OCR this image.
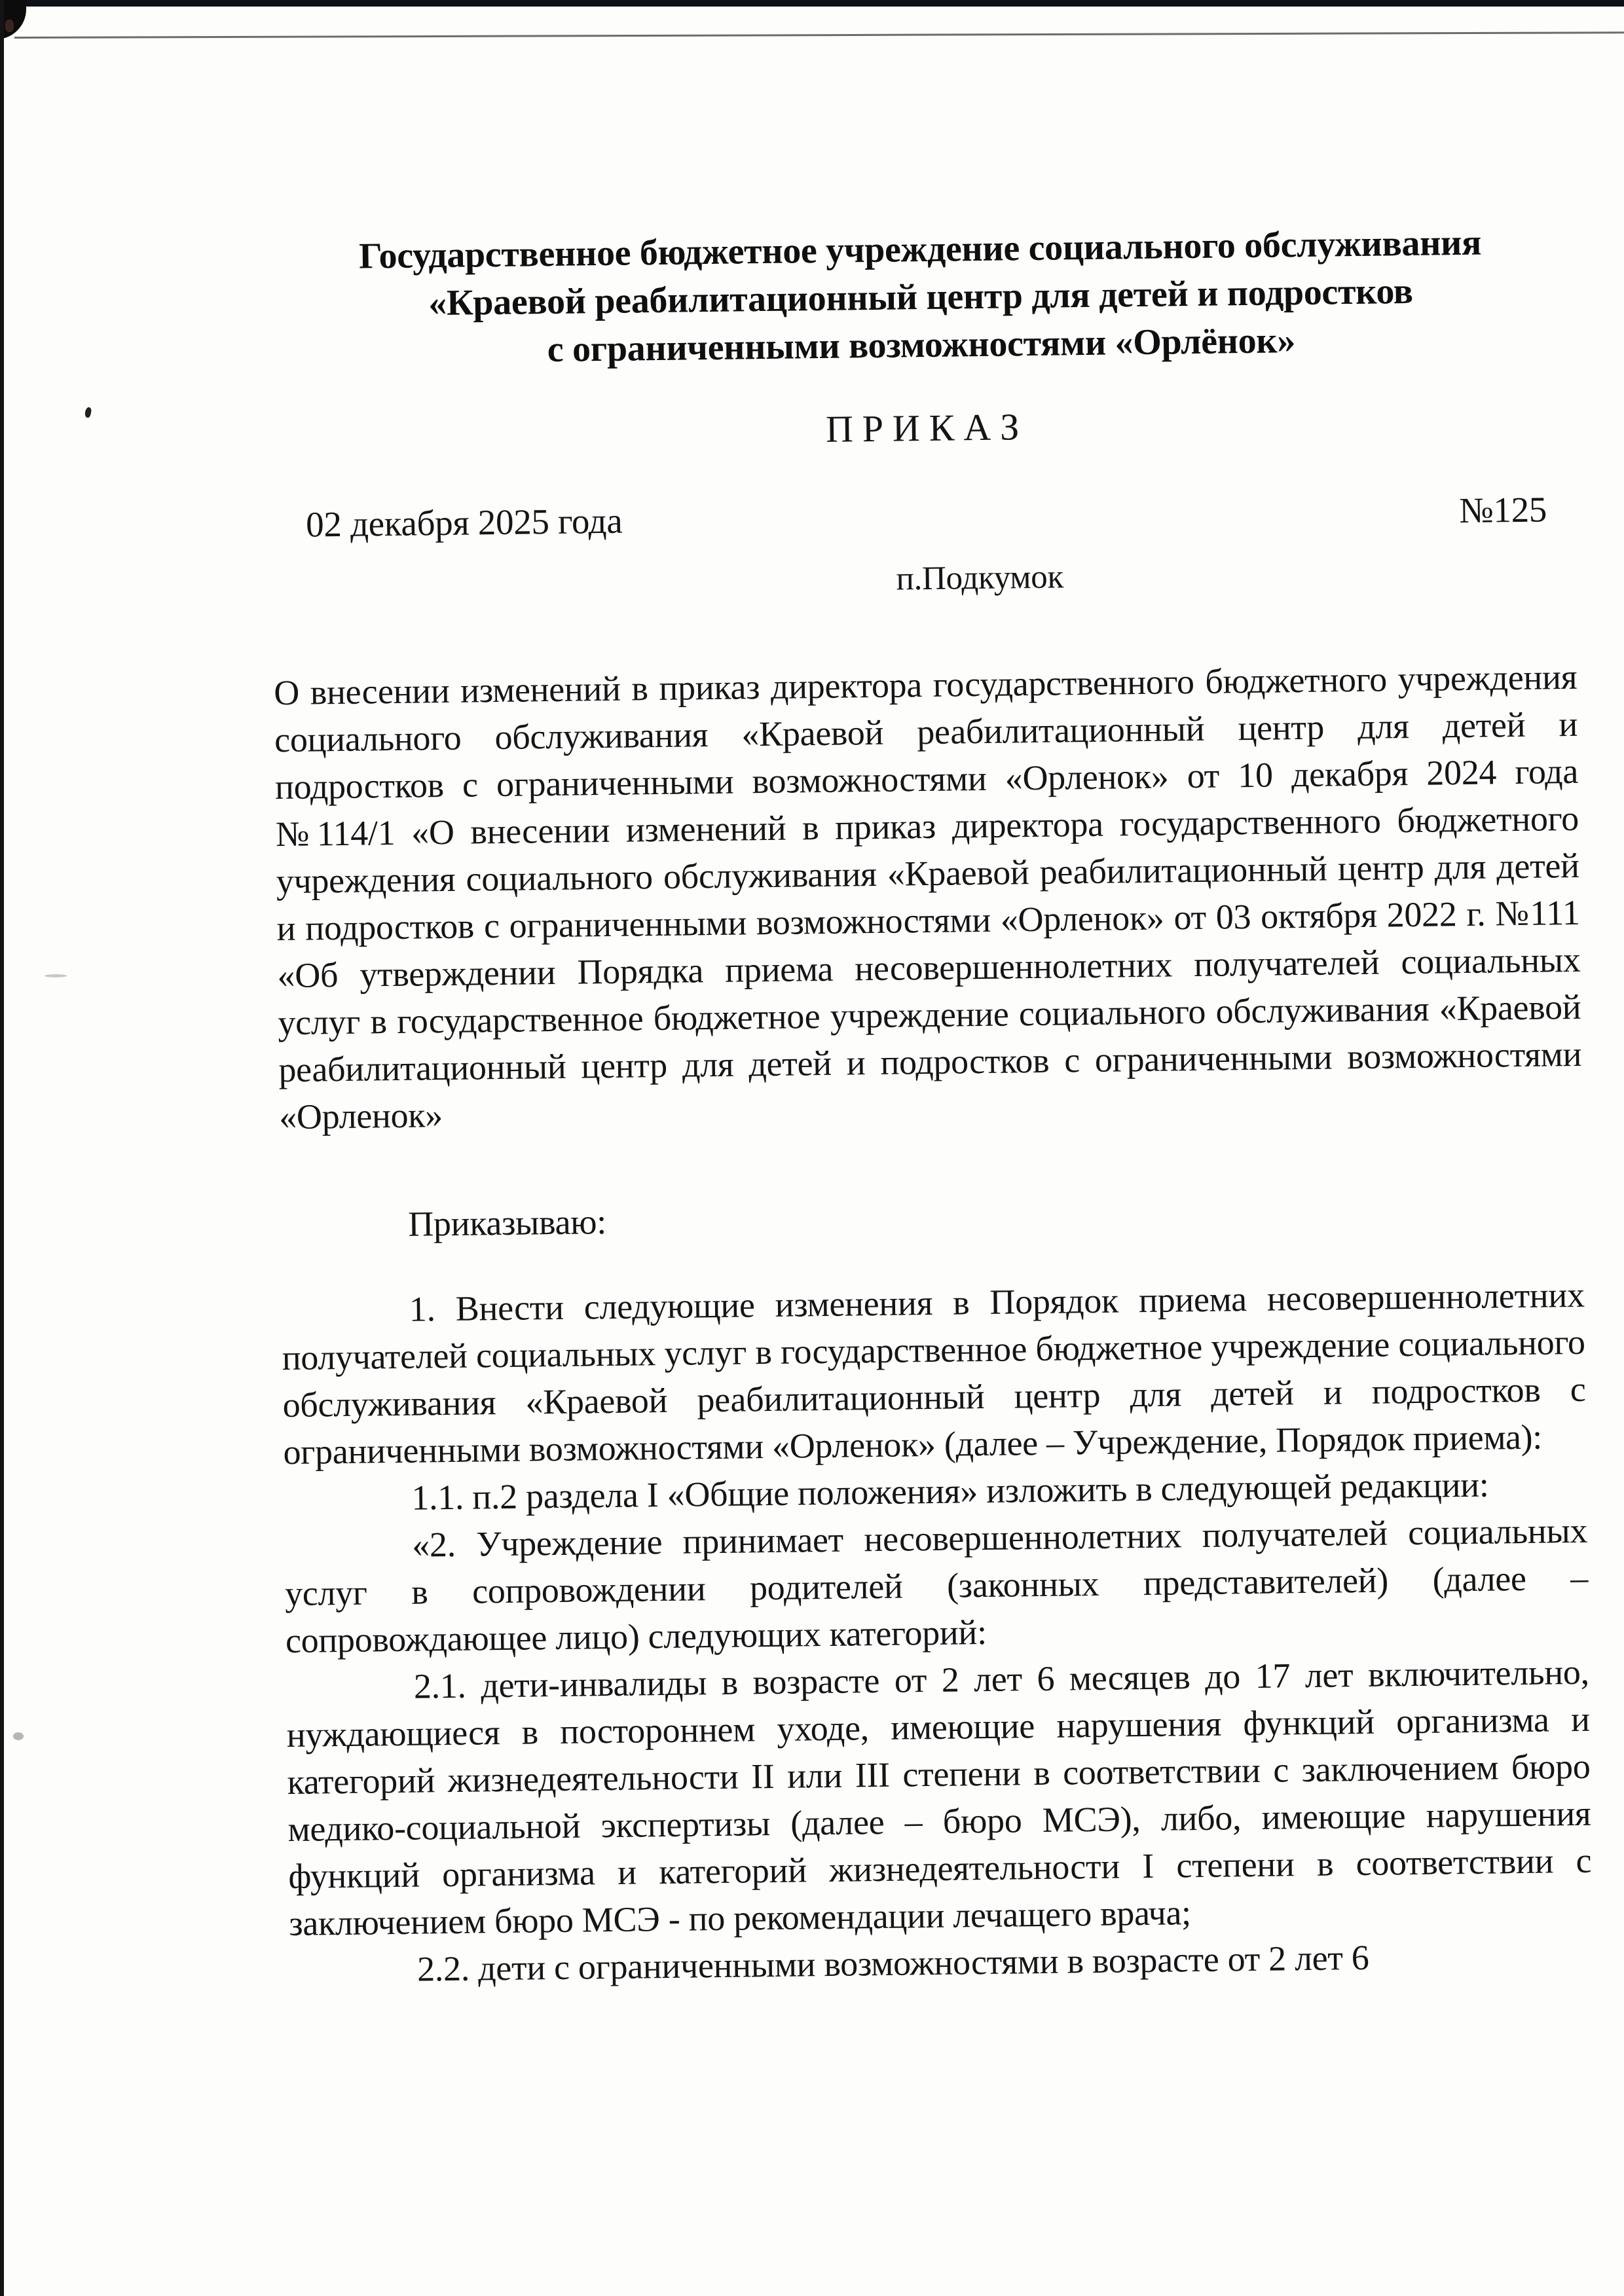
Государственное бюджетное учреждение социального обслуживания
«Краевой реабилитационный центр для детей и подростков
с ограниченными возможностями «Орлёнок»
П Р И К А З
02 декабря 2025 года	№125
п.Подкумок

О внесении изменений в приказ директора государственного бюджетного учреждения социального обслуживания «Краевой реабилитационный центр для детей и подростков с ограниченными возможностями «Орленок» от 10 декабря 2024 года №114/1 «О внесении изменений в приказ директора государственного бюджетного учреждения социального обслуживания «Краевой реабилитационный центр для детей и подростков с ограниченными возможностями «Орленок» от 03 октября 2022 г. №111 «Об утверждении Порядка приема несовершеннолетних получателей социальных услуг в государственное бюджетное учреждение социального обслуживания «Краевой реабилитационный центр для детей и подростков с ограниченными возможностями «Орленок»

Приказываю:

1. Внести следующие изменения в Порядок приема несовершеннолетних получателей социальных услуг в государственное бюджетное учреждение социального обслуживания «Краевой реабилитационный центр для детей и подростков с ограниченными возможностями «Орленок» (далее – Учреждение, Порядок приема):

1.1. п.2 раздела I «Общие положения» изложить в следующей редакции:

«2. Учреждение принимает несовершеннолетних получателей социальных услуг в сопровождении родителей (законных представителей) (далее – сопровождающее лицо) следующих категорий:

2.1. дети-инвалиды в возрасте от 2 лет 6 месяцев до 17 лет включительно, нуждающиеся в постороннем уходе, имеющие нарушения функций организма и категорий жизнедеятельности II или III степени в соответствии с заключением бюро медико-социальной экспертизы (далее – бюро МСЭ), либо, имеющие нарушения функций организма и категорий жизнедеятельности I степени в соответствии с заключением бюро МСЭ - по рекомендации лечащего врача;

2.2. дети с ограниченными возможностями в возрасте от 2 лет 6
